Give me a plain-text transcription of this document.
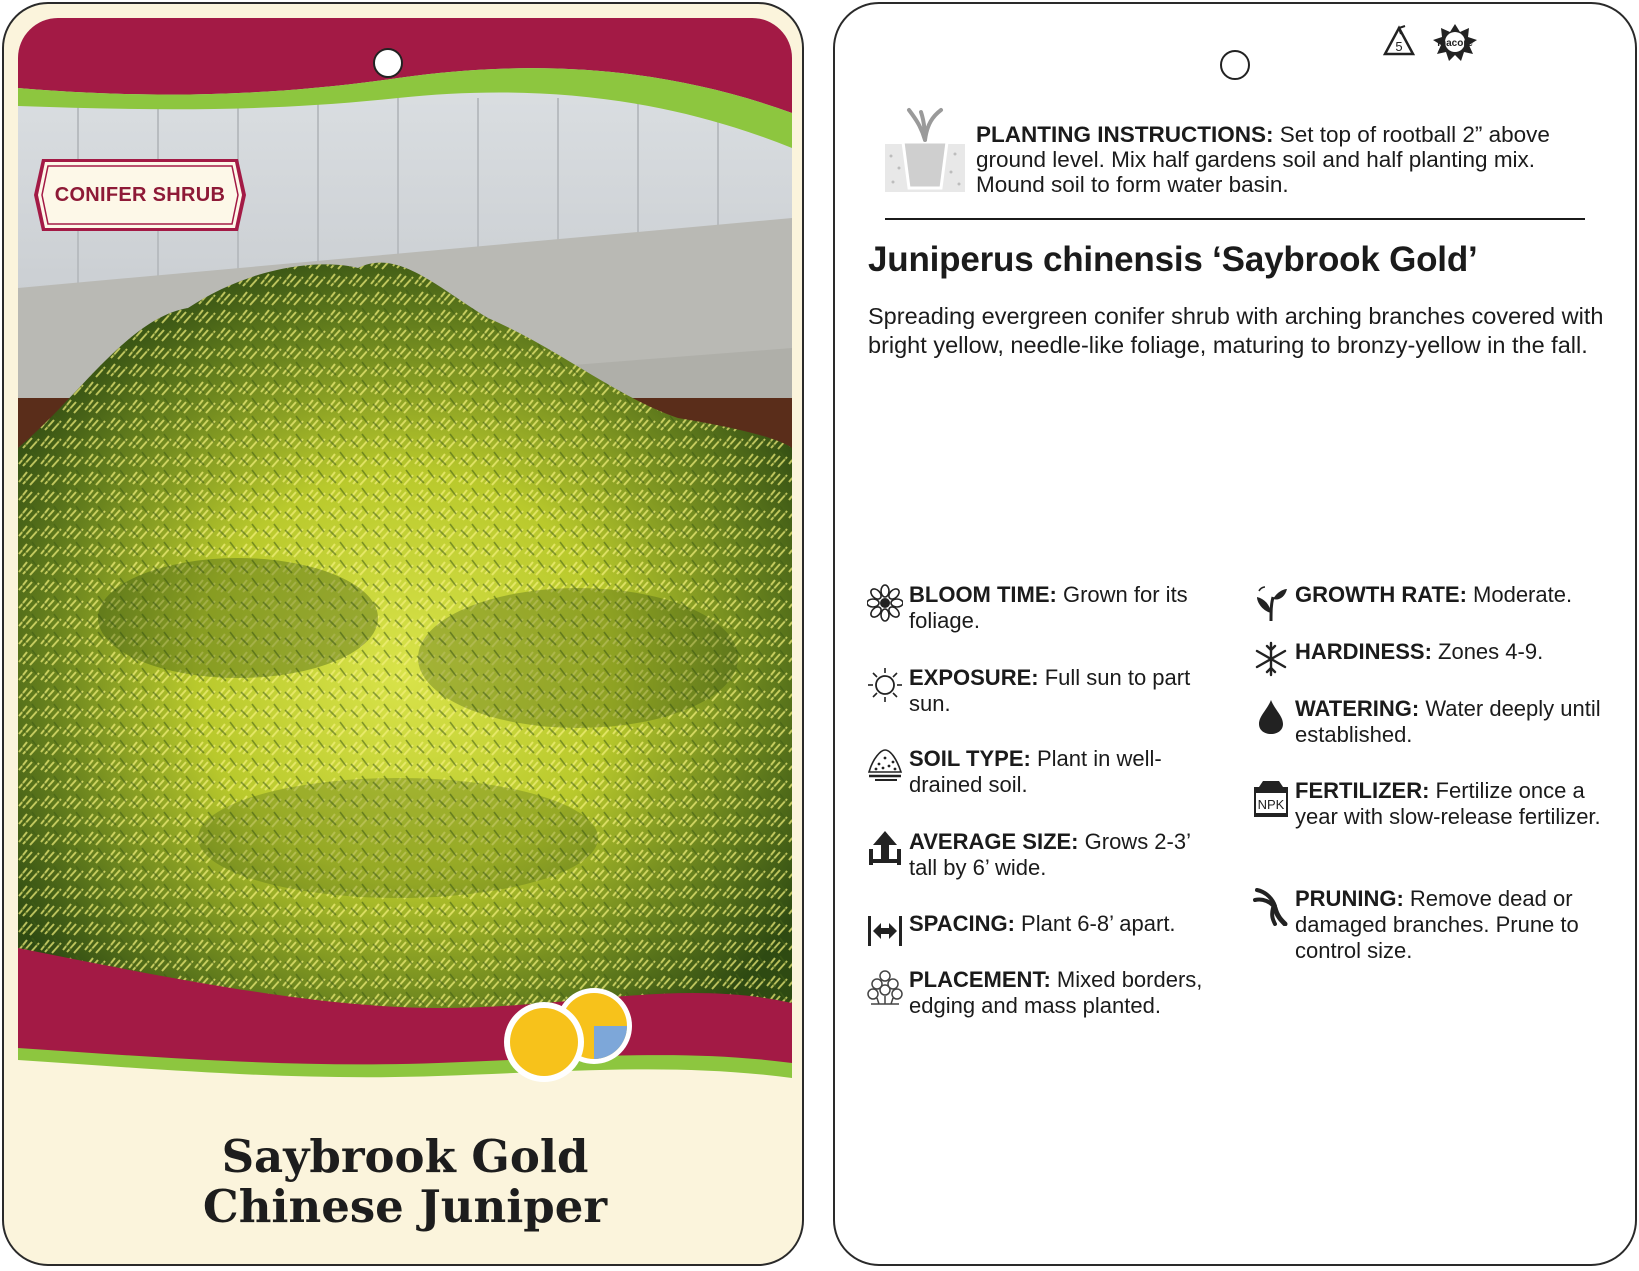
CONIFER SHRUB
Saybrook Gold
Chinese Juniper
5	macore
PLANTING INSTRUCTIONS: Set top of rootball 2” above ground level. Mix half gardens soil and half planting mix. Mound soil to form water basin.
Juniperus chinensis ‘Saybrook Gold’
Spreading evergreen conifer shrub with arching branches covered with bright yellow, needle-like foliage, maturing to bronzy-yellow in the fall.
BLOOM TIME: Grown for its foliage.
EXPOSURE: Full sun to part sun.
SOIL TYPE: Plant in well-drained soil.
AVERAGE SIZE: Grows 2-3’ tall by 6’ wide.
SPACING: Plant 6-8’ apart.
PLACEMENT: Mixed borders, edging and mass planted.
GROWTH RATE: Moderate.
HARDINESS: Zones 4-9.
WATERING: Water deeply until established.
NPK
FERTILIZER: Fertilize once a year with slow-release fertilizer.
PRUNING: Remove dead or damaged branches. Prune to control size.
